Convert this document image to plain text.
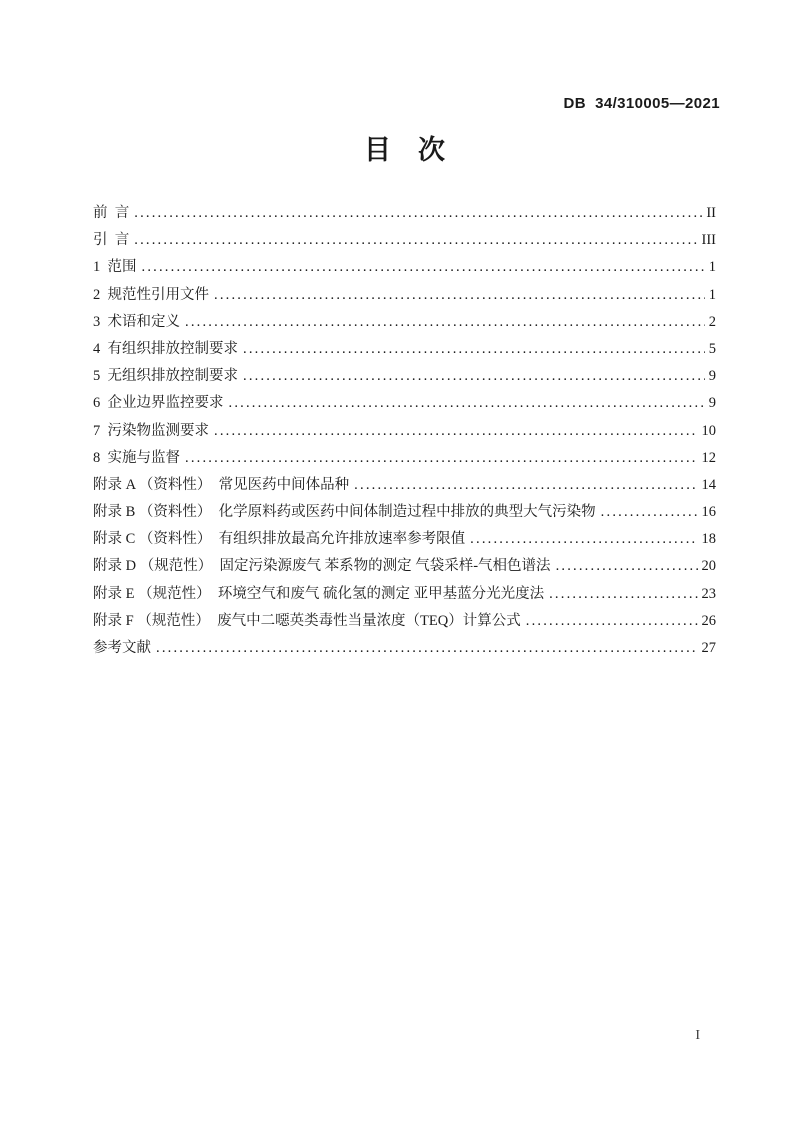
DB  34/310005—2021
目　次
前  言 .....	II
引  言 .....	III
1  范围 .....	1
2  规范性引用文件 .....	1
3  术语和定义 .....	2
4  有组织排放控制要求 .....	5
5  无组织排放控制要求 .....	9
6  企业边界监控要求 .....	9
7  污染物监测要求 .....	10
8  实施与监督 .....	12
附录 A （资料性）  常见医药中间体品种 .....	14
附录 B （资料性）  化学原料药或医药中间体制造过程中排放的典型大气污染物 .....	16
附录 C （资料性）  有组织排放最高允许排放速率参考限值 .....	18
附录 D （规范性）  固定污染源废气 苯系物的测定 气袋采样-气相色谱法 .....	20
附录 E （规范性）  环境空气和废气 硫化氢的测定 亚甲基蓝分光光度法 .....	23
附录 F （规范性）  废气中二噁英类毒性当量浓度（TEQ）计算公式 .....	26
参考文献 .....	27
I
